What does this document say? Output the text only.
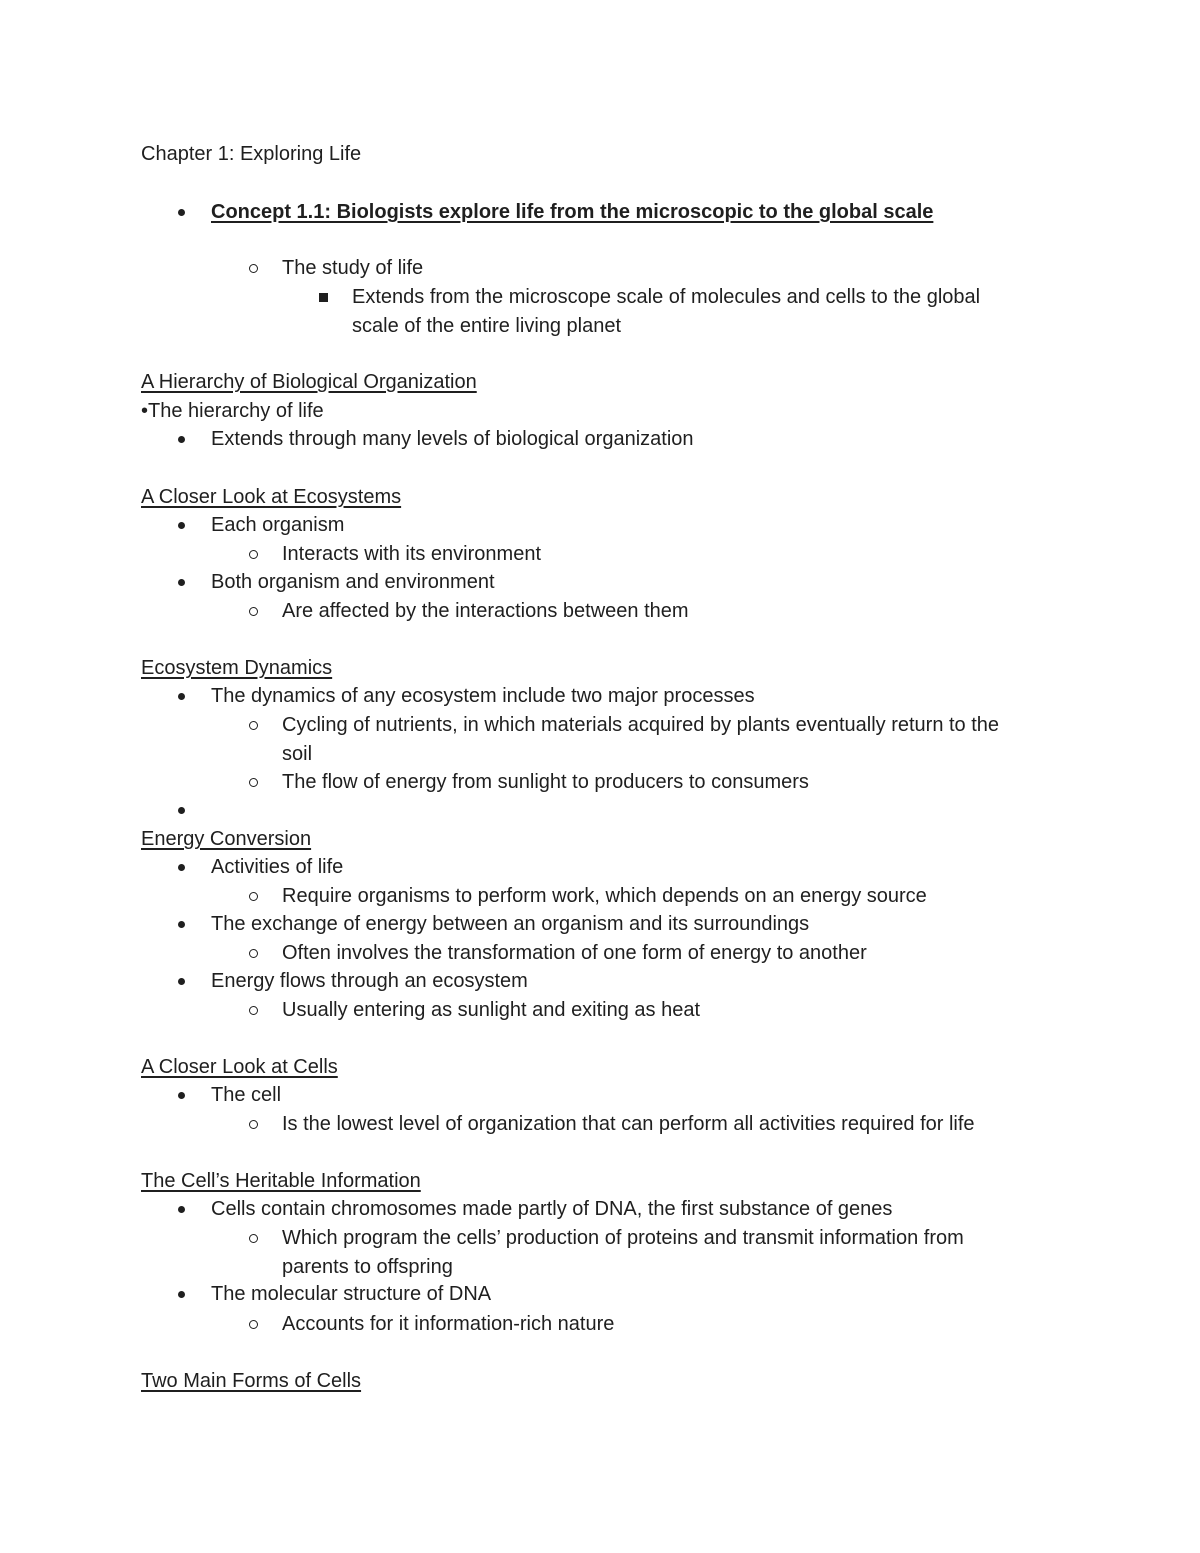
Chapter 1: Exploring Life
Concept 1.1: Biologists explore life from the microscopic to the global scale
The study of life
Extends from the microscope scale of molecules and cells to the global
scale of the entire living planet
A Hierarchy of Biological Organization
•The hierarchy of life
Extends through many levels of biological organization
A Closer Look at Ecosystems
Each organism
Interacts with its environment
Both organism and environment
Are affected by the interactions between them
Ecosystem Dynamics
The dynamics of any ecosystem include two major processes
Cycling of nutrients, in which materials acquired by plants eventually return to the
soil
The flow of energy from sunlight to producers to consumers
Energy Conversion
Activities of life
Require organisms to perform work, which depends on an energy source
The exchange of energy between an organism and its surroundings
Often involves the transformation of one form of energy to another
Energy flows through an ecosystem
Usually entering as sunlight and exiting as heat
A Closer Look at Cells
The cell
Is the lowest level of organization that can perform all activities required for life
The Cell’s Heritable Information
Cells contain chromosomes made partly of DNA, the first substance of genes
Which program the cells’ production of proteins and transmit information from
parents to offspring
The molecular structure of DNA
Accounts for it information-rich nature
Two Main Forms of Cells
